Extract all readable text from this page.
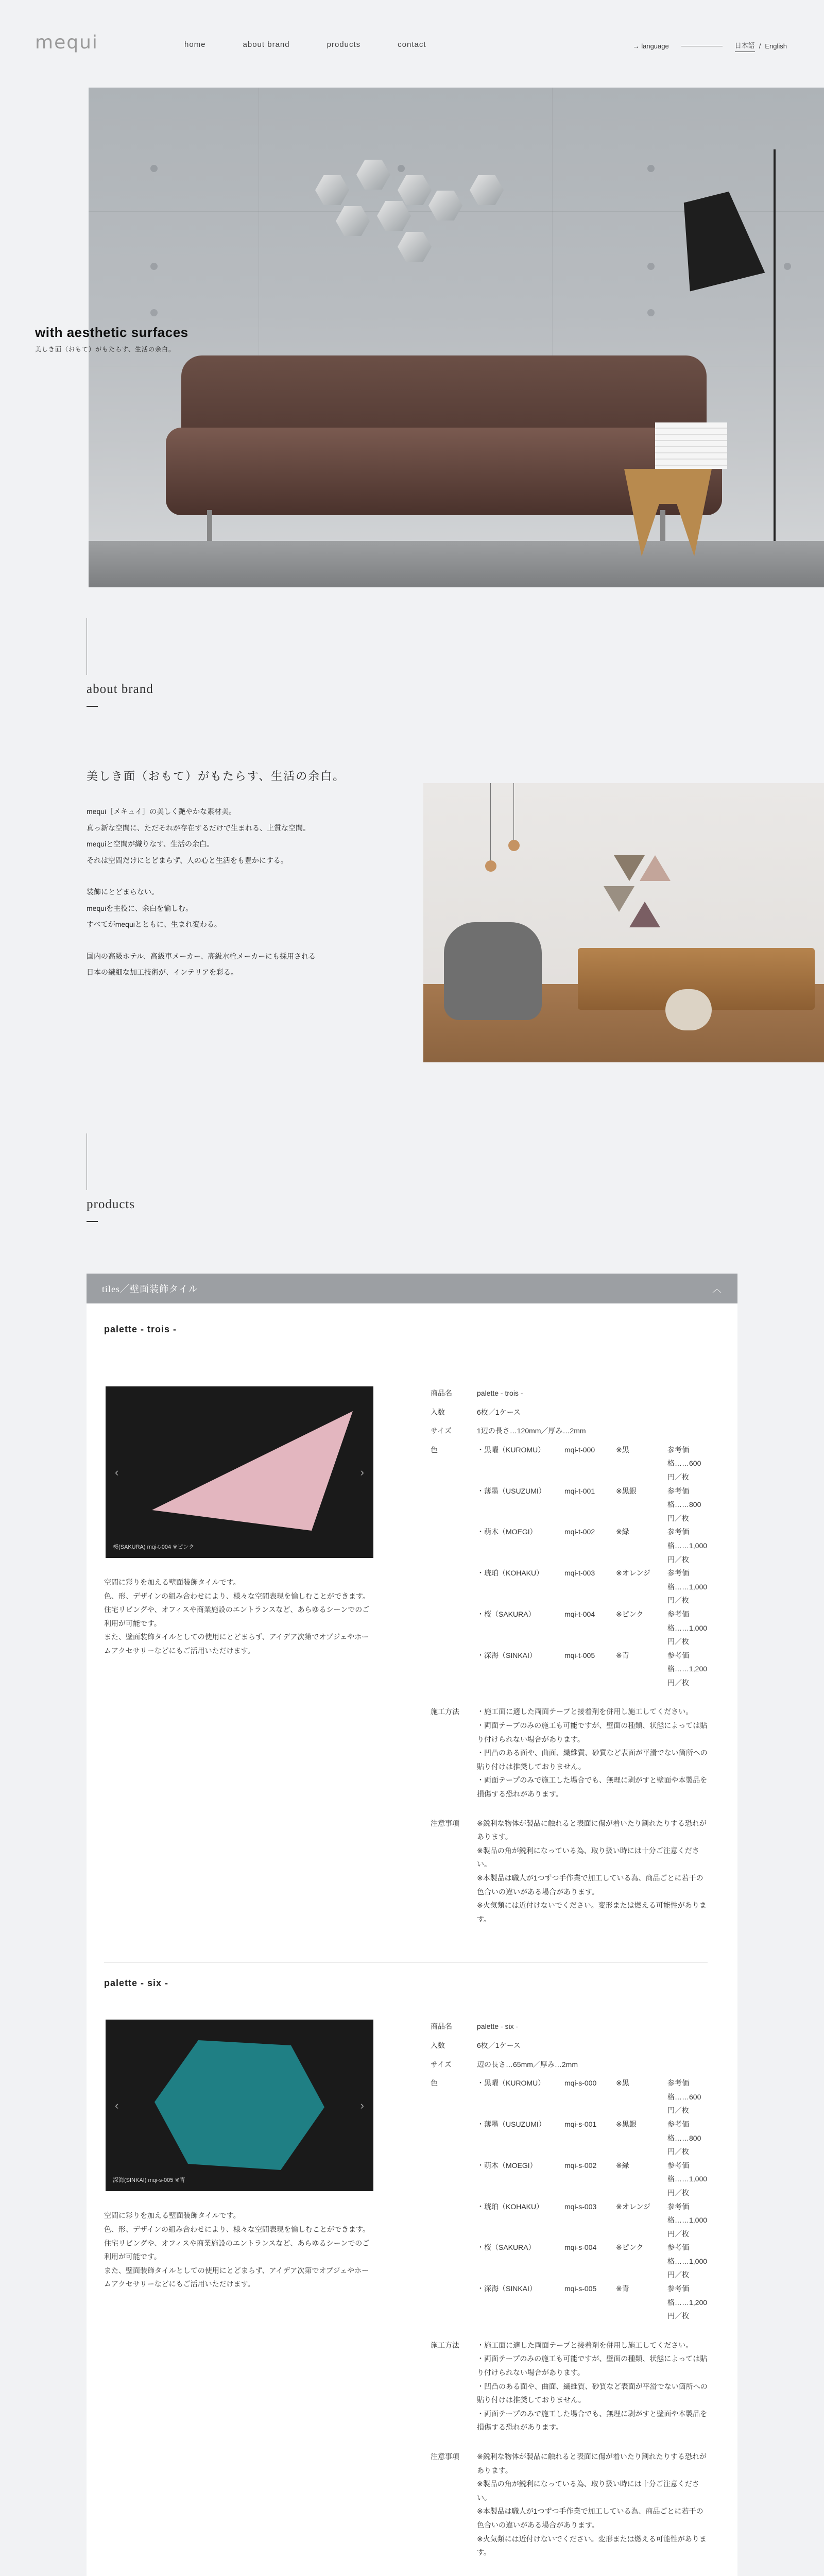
mequi	home	about brand	products	contact	→ language	日本語 / English
with aesthetic surfaces

美しき面（おもて）がもたらす、生活の余白。

about brand
美しき面（おもて）がもたらす、生活の余白。

mequi［メキュイ］の美しく艶やかな素材美。
真っ新な空間に、ただそれが存在するだけで生まれる、上質な空間。
mequiと空間が織りなす、生活の余白。
それは空間だけにとどまらず、人の心と生活をも豊かにする。

装飾にとどまらない。
mequiを主役に、余白を愉しむ。
すべてがmequiとともに、生まれ変わる。

国内の高級ホテル、高級車メーカー、高級水栓メーカーにも採用される
日本の繊細な加工技術が、インテリアを彩る。

products
tiles／壁面装飾タイル	︿
palette - trois -
‹	›
桜(SAKURA) mqi-t-004 ※ピンク
空間に彩りを加える壁面装飾タイルです。
色、形、デザインの組み合わせにより、様々な空間表現を愉しむことができます。
住宅リビングや、オフィスや商業施設のエントランスなど、あらゆるシーンでのご利用が可能です。
また、壁面装飾タイルとしての使用にとどまらず、アイデア次第でオブジェやホームアクセサリーなどにもご活用いただけます。
商品名	palette - trois -
入数	6枚／1ケース
サイズ	1辺の長さ…120mm／厚み…2mm
色	・黒曜（KUROMU）	mqi-t-000	※黒	参考価格……600円／枚
・薄墨（USUZUMI）	mqi-t-001	※黒銀	参考価格……800円／枚
・萌木（MOEGI）	mqi-t-002	※緑	参考価格……1,000円／枚
・琥珀（KOHAKU）	mqi-t-003	※オレンジ	参考価格……1,000円／枚
・桜（SAKURA）	mqi-t-004	※ピンク	参考価格……1,000円／枚
・深海（SINKAI）	mqi-t-005	※青	参考価格……1,200円／枚
施工方法	・施工面に適した両面テープと接着剤を併用し施工してください。
・両面テープのみの施工も可能ですが、壁面の種類、状態によっては貼り付けられない場合があります。
・凹凸のある面や、曲面、繊維質、砂質など表面が平滑でない箇所への貼り付けは推奨しておりません。
・両面テープのみで施工した場合でも、無理に剥がすと壁面や本製品を損傷する恐れがあります。
注意事項	※鋭利な物体が製品に触れると表面に傷が着いたり割れたりする恐れがあります。
※製品の角が鋭利になっている為、取り扱い時には十分ご注意ください。
※本製品は職人が1つずつ手作業で加工している為、商品ごとに若干の色合いの違いがある場合があります。
※火気類には近付けないでください。変形または燃える可能性があります。
palette - six -
‹	›
深海(SINKAI) mqi-s-005 ※青
空間に彩りを加える壁面装飾タイルです。
色、形、デザインの組み合わせにより、様々な空間表現を愉しむことができます。
住宅リビングや、オフィスや商業施設のエントランスなど、あらゆるシーンでのご利用が可能です。
また、壁面装飾タイルとしての使用にとどまらず、アイデア次第でオブジェやホームアクセサリーなどにもご活用いただけます。
商品名	palette - six -
入数	6枚／1ケース
サイズ	辺の長さ…65mm／厚み…2mm
色	・黒曜（KUROMU）	mqi-s-000	※黒	参考価格……600円／枚
・薄墨（USUZUMI）	mqi-s-001	※黒銀	参考価格……800円／枚
・萌木（MOEGI）	mqi-s-002	※緑	参考価格……1,000円／枚
・琥珀（KOHAKU）	mqi-s-003	※オレンジ	参考価格……1,000円／枚
・桜（SAKURA）	mqi-s-004	※ピンク	参考価格……1,000円／枚
・深海（SINKAI）	mqi-s-005	※青	参考価格……1,200円／枚
施工方法	・施工面に適した両面テープと接着剤を併用し施工してください。
・両面テープのみの施工も可能ですが、壁面の種類、状態によっては貼り付けられない場合があります。
・凹凸のある面や、曲面、繊維質、砂質など表面が平滑でない箇所への貼り付けは推奨しておりません。
・両面テープのみで施工した場合でも、無理に剥がすと壁面や本製品を損傷する恐れがあります。
注意事項	※鋭利な物体が製品に触れると表面に傷が着いたり割れたりする恐れがあります。
※製品の角が鋭利になっている為、取り扱い時には十分ご注意ください。
※本製品は職人が1つずつ手作業で加工している為、商品ごとに若干の色合いの違いがある場合があります。
※火気類には近付けないでください。変形または燃える可能性があります。
